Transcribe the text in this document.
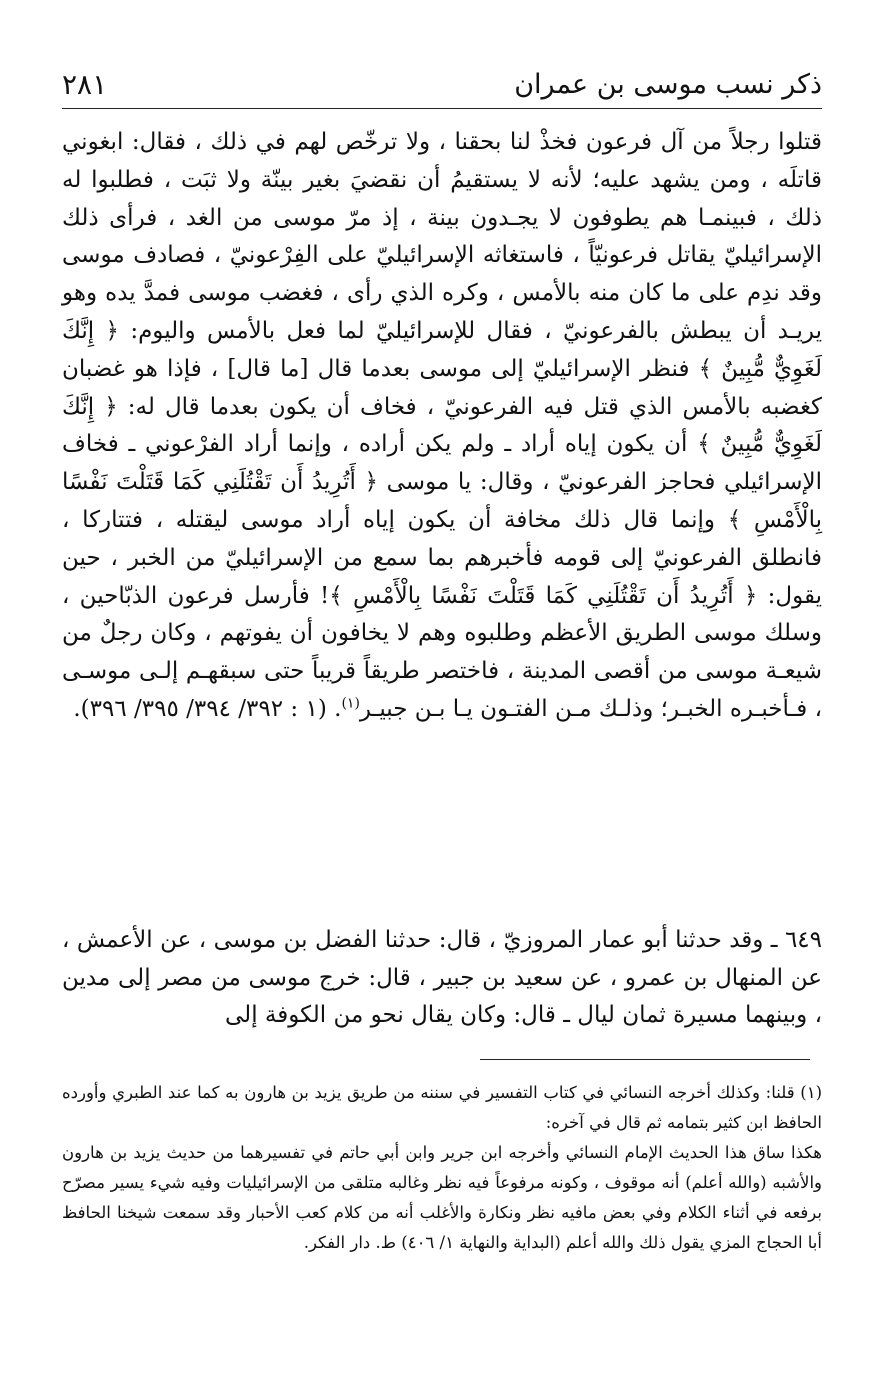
ذكر نسب موسى بن عمران
٢٨١

قتلوا رجلاً من آل فرعون فخذْ لنا بحقنا ، ولا ترخّص لهم في ذلك ، فقال: ابغوني قاتلَه ، ومن يشهد عليه؛ لأنه لا يستقيمُ أن نقضيَ بغير بينّة ولا ثبَت ، فطلبوا له ذلك ، فبينمـا هم يطوفون لا يجـدون بينة ، إذ مرّ موسى من الغد ، فرأى ذلك الإسرائيليّ يقاتل فرعونيّاً ، فاستغاثه الإسرائيليّ على الفِرْعونيّ ، فصادف موسى وقد ندِم على ما كان منه بالأمس ، وكره الذي رأى ، فغضب موسى فمدَّ يده وهو يريـد أن يبطش بالفرعونيّ ، فقال للإسرائيليّ لما فعل بالأمس واليوم: ﴿ إِنَّكَ لَغَوِيٌّ مُّبِينٌ ﴾ فنظر الإسرائيليّ إلى موسى بعدما قال [ما قال] ، فإذا هو غضبان كغضبه بالأمس الذي قتل فيه الفرعونيّ ، فخاف أن يكون بعدما قال له: ﴿ إِنَّكَ لَغَوِيٌّ مُّبِينٌ ﴾ أن يكون إياه أراد ـ ولم يكن أراده ، وإنما أراد الفرْعوني ـ فخاف الإسرائيلي فحاجز الفرعونيّ ، وقال: يا موسى ﴿ أَتُرِيدُ أَن تَقْتُلَنِي كَمَا قَتَلْتَ نَفْسًا بِالْأَمْسِ ﴾ وإنما قال ذلك مخافة أن يكون إياه أراد موسى ليقتله ، فتتاركا ، فانطلق الفرعونيّ إلى قومه فأخبرهم بما سمع من الإسرائيليّ من الخبر ، حين يقول: ﴿ أَتُرِيدُ أَن تَقْتُلَنِي كَمَا قَتَلْتَ نَفْسًا بِالْأَمْسِ ﴾! فأرسل فرعون الذبّاحين ، وسلك موسى الطريق الأعظم وطلبوه وهم لا يخافون أن يفوتهم ، وكان رجلٌ من شيعـة موسى من أقصى المدينة ، فاختصر طريقاً قريباً حتى سبقهـم إلـى موسـى ، فـأخبـره الخبـر؛ وذلـك مـن الفتـون يـا بـن جبيـر$^{(١)}$. (١ : ٣٩٢/ ٣٩٤/ ٣٩٥/ ٣٩٦).

٦٤٩ ـ وقد حدثنا أبو عمار المروزيّ ، قال: حدثنا الفضل بن موسى ، عن الأعمش ، عن المنهال بن عمرو ، عن سعيد بن جبير ، قال: خرج موسى من مصر إلى مدين ، وبينهما مسيرة ثمان ليال ـ قال: وكان يقال نحو من الكوفة إلى

(١) قلنا: وكذلك أخرجه النسائي في كتاب التفسير في سننه من طريق يزيد بن هارون به كما عند الطبري وأورده الحافظ ابن كثير بتمامه ثم قال في آخره:
هكذا ساق هذا الحديث الإمام النسائي وأخرجه ابن جرير وابن أبي حاتم في تفسيرهما من حديث يزيد بن هارون والأشبه (والله أعلم) أنه موقوف ، وكونه مرفوعاً فيه نظر وغالبه متلقى من الإسرائيليات وفيه شيء يسير مصرّح برفعه في أثناء الكلام وفي بعض مافيه نظر ونكارة والأغلب أنه من كلام كعب الأحبار وقد سمعت شيخنا الحافظ أبا الحجاج المزي يقول ذلك والله أعلم (البداية والنهاية ١/ ٤٠٦) ط. دار الفكر.
